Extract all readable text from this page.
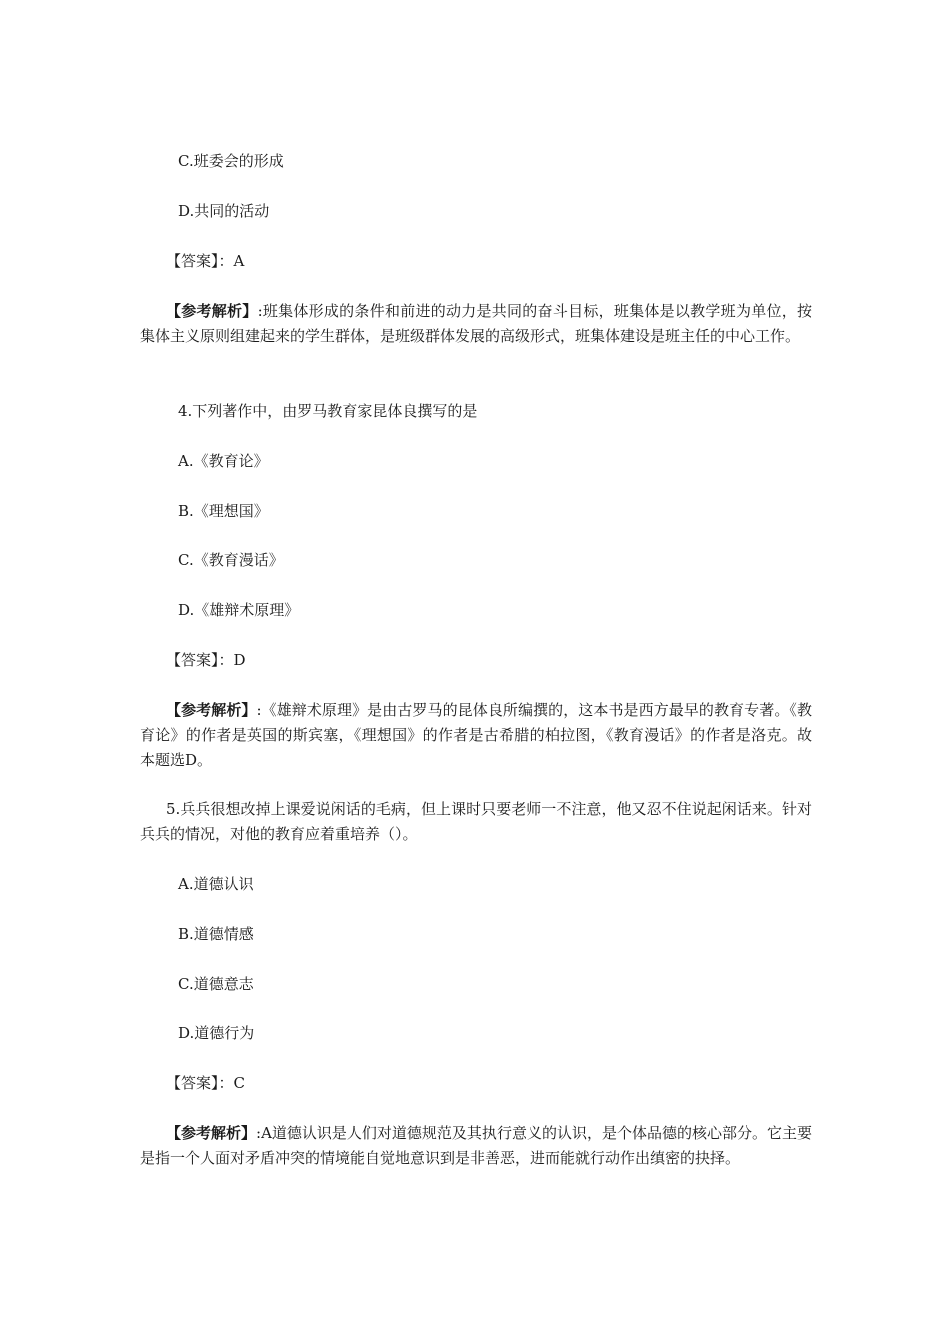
C.班委会的形成
D.共同的活动
【答案】：A
【参考解析】:班集体形成的条件和前进的动力是共同的奋斗目标，班集体是以教学班为单位，按集体主义原则组建起来的学生群体，是班级群体发展的高级形式，班集体建设是班主任的中心工作。
4.下列著作中，由罗马教育家昆体良撰写的是
A.《教育论》
B.《理想国》
C.《教育漫话》
D.《雄辩术原理》
【答案】：D
【参考解析】:《雄辩术原理》是由古罗马的昆体良所编撰的，这本书是西方最早的教育专著。《教育论》的作者是英国的斯宾塞，《理想国》的作者是古希腊的柏拉图，《教育漫话》的作者是洛克。故本题选D。
5.兵兵很想改掉上课爱说闲话的毛病，但上课时只要老师一不注意，他又忍不住说起闲话来。针对兵兵的情况，对他的教育应着重培养（）。
A.道德认识
B.道德情感
C.道德意志
D.道德行为
【答案】：C
【参考解析】:A道德认识是人们对道德规范及其执行意义的认识，是个体品德的核心部分。它主要是指一个人面对矛盾冲突的情境能自觉地意识到是非善恶，进而能就行动作出缜密的抉择。
